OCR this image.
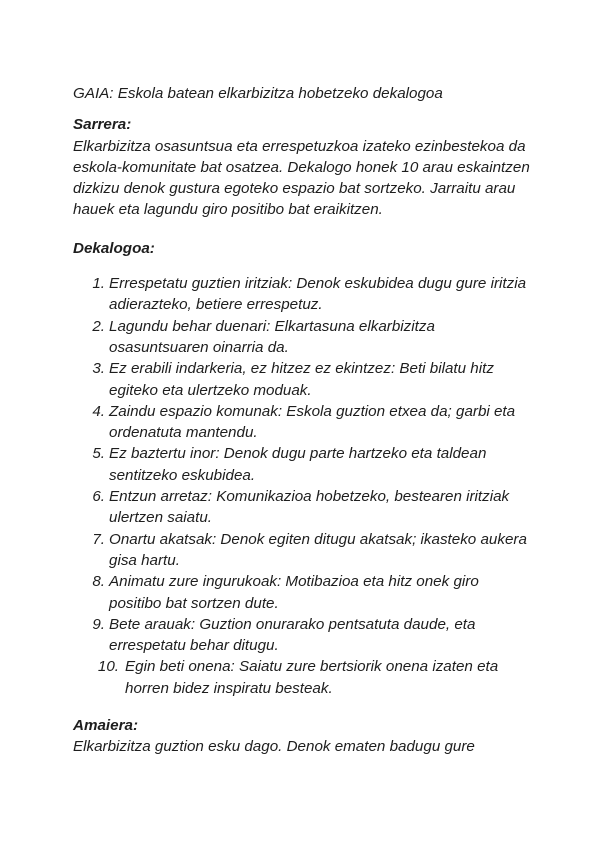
GAIA: Eskola batean elkarbizitza hobetzeko dekalogoa

Sarrera:

Elkarbizitza osasuntsua eta errespetuzkoa izateko ezinbestekoa da eskola-komunitate bat osatzea. Dekalogo honek 10 arau eskaintzen dizkizu denok gustura egoteko espazio bat sortzeko. Jarraitu arau hauek eta lagundu giro positibo bat eraikitzen.

Dekalogoa:

1. Errespetatu guztien iritziak: Denok eskubidea dugu gure iritzia adierazteko, betiere errespetuz.
2. Lagundu behar duenari: Elkartasuna elkarbizitza osasuntsuaren oinarria da.
3. Ez erabili indarkeria, ez hitzez ez ekintzez: Beti bilatu hitz egiteko eta ulertzeko moduak.
4. Zaindu espazio komunak: Eskola guztion etxea da; garbi eta ordenatuta mantendu.
5. Ez baztertu inor: Denok dugu parte hartzeko eta taldean sentitzeko eskubidea.
6. Entzun arretaz: Komunikazioa hobetzeko, bestearen iritziak ulertzen saiatu.
7. Onartu akatsak: Denok egiten ditugu akatsak; ikasteko aukera gisa hartu.
8. Animatu zure ingurukoak: Motibazioa eta hitz onek giro positibo bat sortzen dute.
9. Bete arauak: Guztion onurarako pentsatuta daude, eta errespetatu behar ditugu.
10. Egin beti onena: Saiatu zure bertsiorik onena izaten eta horren bidez inspiratu besteak.

Amaiera:

Elkarbizitza guztion esku dago. Denok ematen badugu gure
